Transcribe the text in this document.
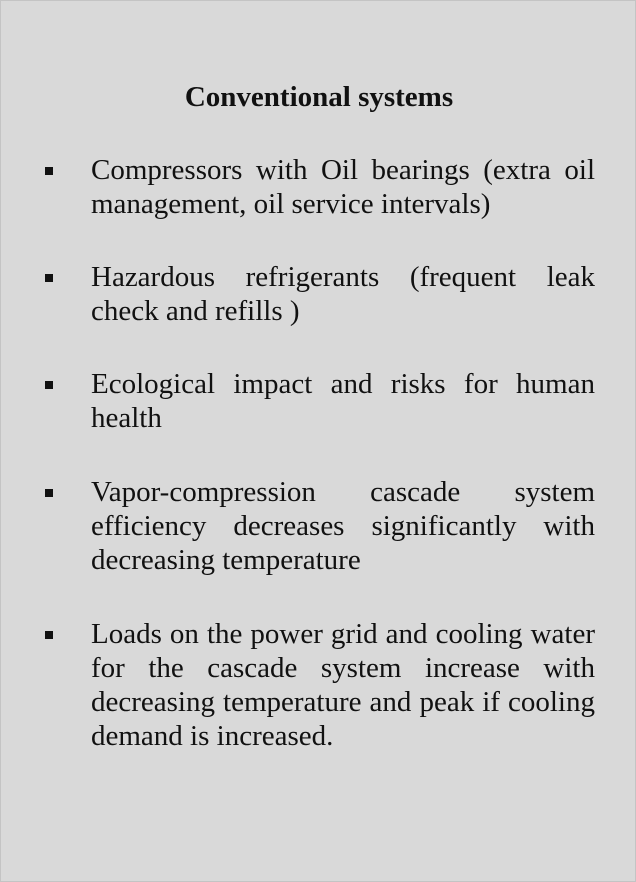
Conventional systems
Compressors with Oil bearings (extra oil management, oil service intervals)
Hazardous refrigerants (frequent leak check and refills )
Ecological impact and risks for human health
Vapor-compression cascade system efficiency decreases significantly with decreasing temperature
Loads on the power grid and cooling water for the cascade system increase with decreasing temperature and peak if cooling demand is increased.
